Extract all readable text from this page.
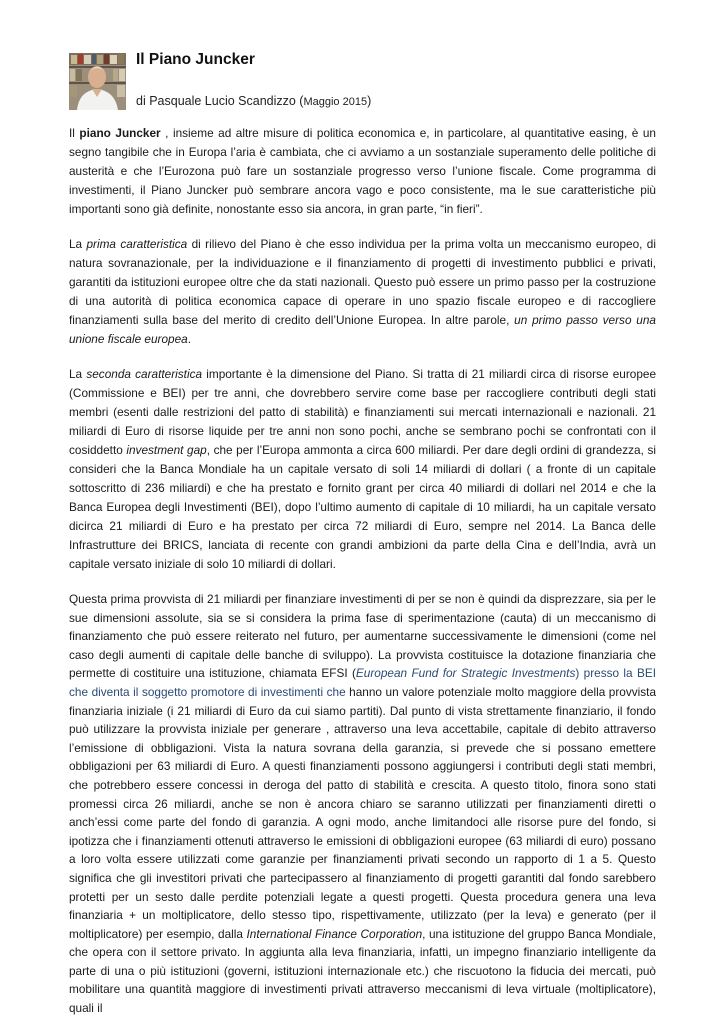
Il Piano Juncker
di Pasquale Lucio Scandizzo (Maggio 2015)

Il piano Juncker , insieme ad altre misure di politica economica e, in particolare, al quantitative easing, è un segno tangibile che in Europa l’aria è cambiata, che ci avviamo a un sostanziale superamento delle politiche di austerità e che l’Eurozona può fare un sostanziale progresso verso l’unione fiscale. Come programma di investimenti, il Piano Juncker può sembrare ancora vago e poco consistente, ma le sue caratteristiche più importanti sono già definite, nonostante esso sia ancora, in gran parte, “in fieri”.

La prima caratteristica di rilievo del Piano è che esso individua per la prima volta un meccanismo europeo, di natura sovranazionale, per la individuazione e il finanziamento di progetti di investimento pubblici e privati, garantiti da istituzioni europee oltre che da stati nazionali. Questo può essere un primo passo per la costruzione di una autorità di politica economica capace di operare in uno spazio fiscale europeo e di raccogliere finanziamenti sulla base del merito di credito dell’Unione Europea. In altre parole, un primo passo verso una unione fiscale europea.

La seconda caratteristica importante è la dimensione del Piano. Si tratta di 21 miliardi circa di risorse europee (Commissione e BEI) per tre anni, che dovrebbero servire come base per raccogliere contributi degli stati membri (esenti dalle restrizioni del patto di stabilità) e finanziamenti sui mercati internazionali e nazionali. 21 miliardi di Euro di risorse liquide per tre anni non sono pochi, anche se sembrano pochi se confrontati con il cosiddetto investment gap, che per l’Europa ammonta a circa 600 miliardi. Per dare degli ordini di grandezza, si consideri che la Banca Mondiale ha un capitale versato di soli 14 miliardi di dollari ( a fronte di un capitale sottoscritto di 236 miliardi) e che ha prestato e fornito grant per circa 40 miliardi di dollari nel 2014 e che la Banca Europea degli Investimenti (BEI), dopo l’ultimo aumento di capitale di 10 miliardi, ha un capitale versato dicirca 21 miliardi di Euro e ha prestato per circa 72 miliardi di Euro, sempre nel 2014. La Banca delle Infrastrutture dei BRICS, lanciata di recente con grandi ambizioni da parte della Cina e dell’India, avrà un capitale versato iniziale di solo 10 miliardi di dollari.

Questa prima provvista di 21 miliardi per finanziare investimenti di per se non è quindi da disprezzare, sia per le sue dimensioni assolute, sia se si considera la prima fase di sperimentazione (cauta) di un meccanismo di finanziamento che può essere reiterato nel futuro, per aumentarne successivamente le dimensioni (come nel caso degli aumenti di capitale delle banche di sviluppo). La provvista costituisce la dotazione finanziaria che permette di costituire una istituzione, chiamata EFSI (European Fund for Strategic Investments) presso la BEI che diventa il soggetto promotore di investimenti che hanno un valore potenziale molto maggiore della provvista finanziaria iniziale (i 21 miliardi di Euro da cui siamo partiti). Dal punto di vista strettamente finanziario, il fondo può utilizzare la provvista iniziale per generare , attraverso una leva accettabile, capitale di debito attraverso l’emissione di obbligazioni. Vista la natura sovrana della garanzia, si prevede che si possano emettere obbligazioni per 63 miliardi di Euro. A questi finanziamenti possono aggiungersi i contributi degli stati membri, che potrebbero essere concessi in deroga del patto di stabilità e crescita. A questo titolo, finora sono stati promessi circa 26 miliardi, anche se non è ancora chiaro se saranno utilizzati per finanziamenti diretti o anch’essi come parte del fondo di garanzia. A ogni modo, anche limitandoci alle risorse pure del fondo, si ipotizza che i finanziamenti ottenuti attraverso le emissioni di obbligazioni europee (63 miliardi di euro) possano a loro volta essere utilizzati come garanzie per finanziamenti privati secondo un rapporto di 1 a 5. Questo significa che gli investitori privati che partecipassero al finanziamento di progetti garantiti dal fondo sarebbero protetti per un sesto dalle perdite potenziali legate a questi progetti. Questa procedura genera una leva finanziaria + un moltiplicatore, dello stesso tipo, rispettivamente, utilizzato (per la leva) e generato (per il moltiplicatore) per esempio, dalla International Finance Corporation, una istituzione del gruppo Banca Mondiale, che opera con il settore privato. In aggiunta alla leva finanziaria, infatti, un impegno finanziario intelligente da parte di una o più istituzioni (governi, istituzioni internazionale etc.) che riscuotono la fiducia dei mercati, può mobilitare una quantità maggiore di investimenti privati attraverso meccanismi di leva virtuale (moltiplicatore), quali il
